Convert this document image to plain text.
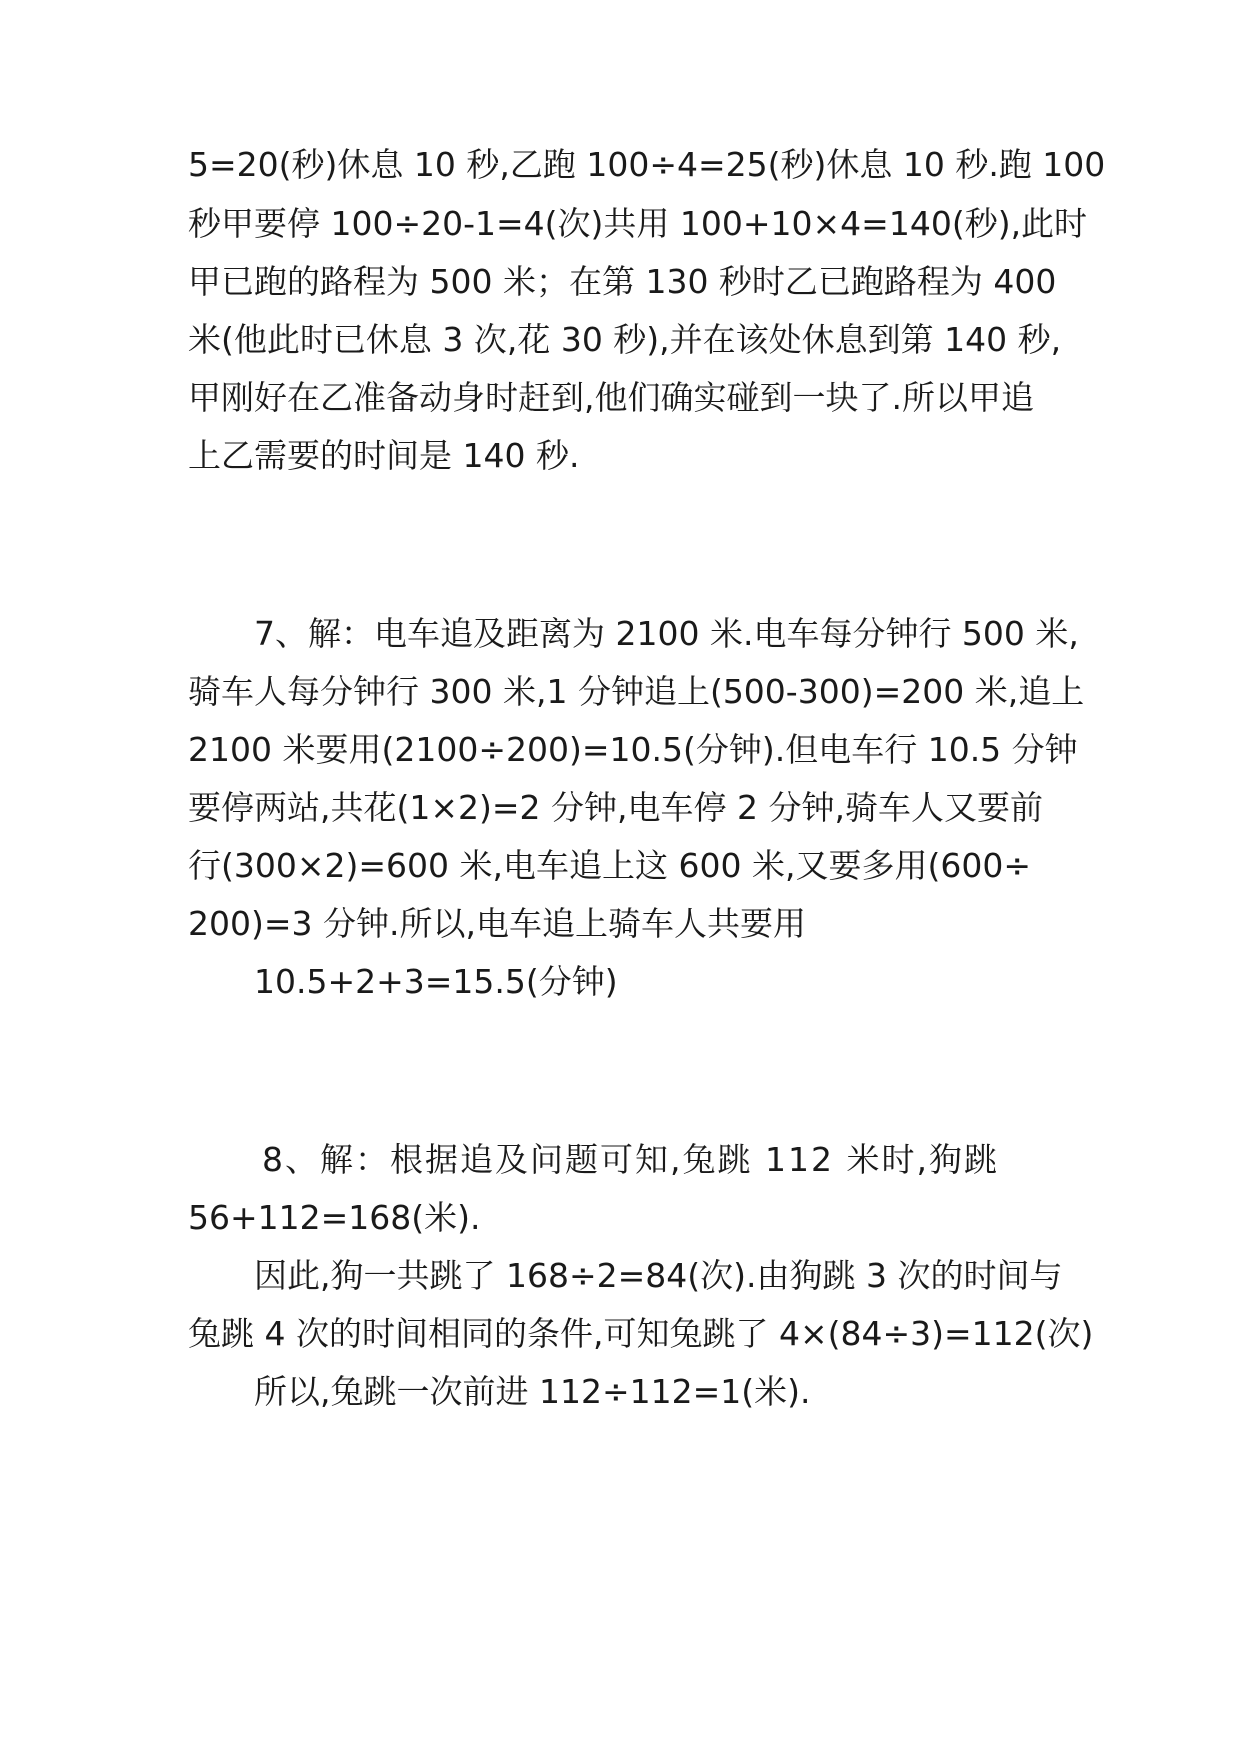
5=20(秒)休息 10 秒,乙跑 100÷4=25(秒)休息 10 秒.跑 100
秒甲要停 100÷20-1=4(次)共用 100+10×4=140(秒),此时
甲已跑的路程为 500 米；在第 130 秒时乙已跑路程为 400
米(他此时已休息 3 次,花 30 秒),并在该处休息到第 140 秒,
甲刚好在乙准备动身时赶到,他们确实碰到一块了.所以甲追
上乙需要的时间是 140 秒.
7、解：电车追及距离为 2100 米.电车每分钟行 500 米,
骑车人每分钟行 300 米,1 分钟追上(500-300)=200 米,追上
2100 米要用(2100÷200)=10.5(分钟).但电车行 10.5 分钟
要停两站,共花(1×2)=2 分钟,电车停 2 分钟,骑车人又要前
行(300×2)=600 米,电车追上这 600 米,又要多用(600÷
200)=3 分钟.所以,电车追上骑车人共要用
10.5+2+3=15.5(分钟)
8、解：根据追及问题可知,兔跳 112 米时,狗跳
56+112=168(米).
因此,狗一共跳了 168÷2=84(次).由狗跳 3 次的时间与
兔跳 4 次的时间相同的条件,可知兔跳了 4×(84÷3)=112(次)
所以,兔跳一次前进 112÷112=1(米).
